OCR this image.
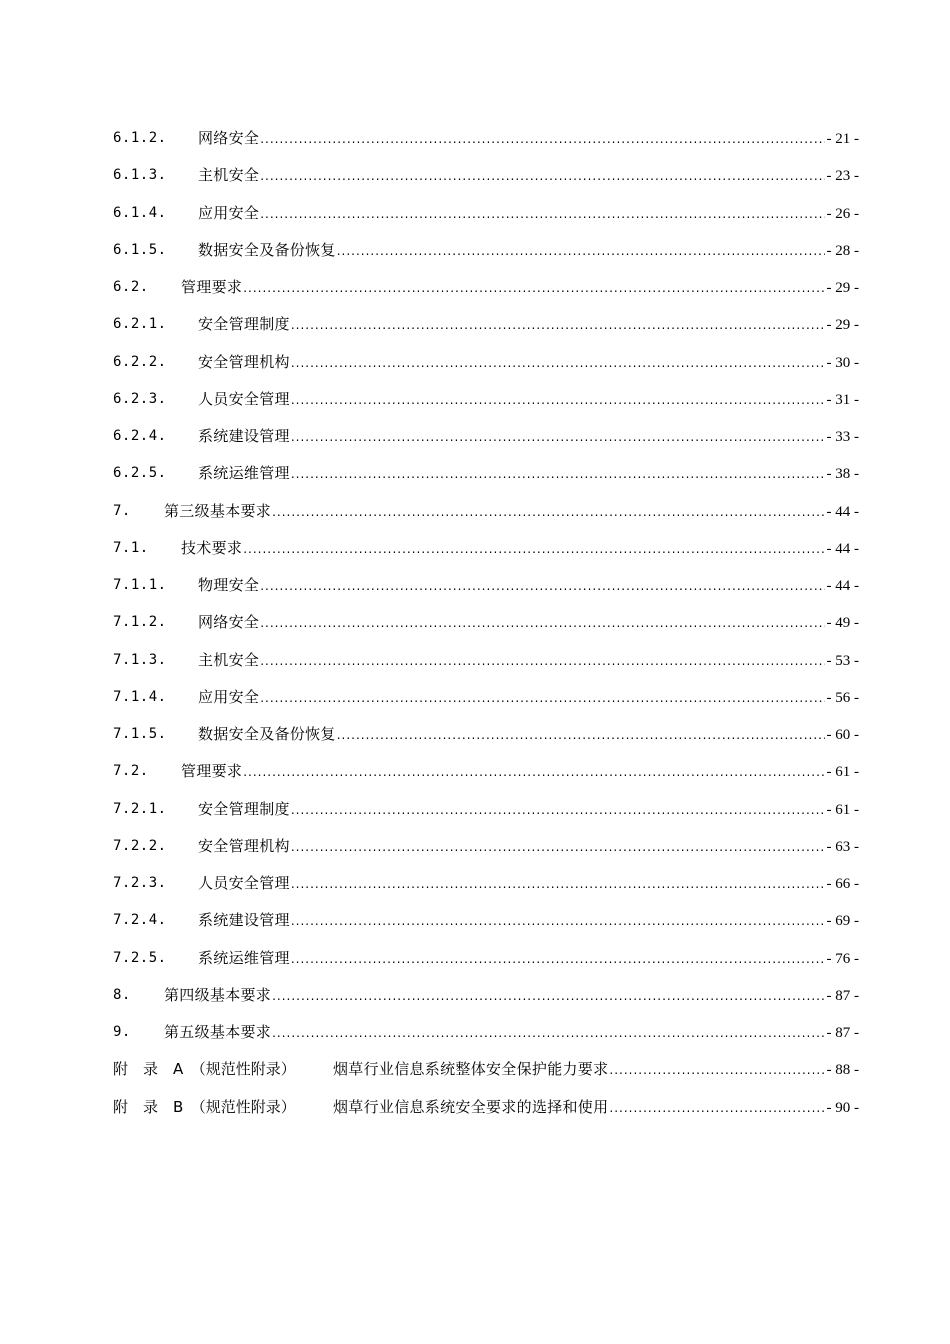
6.1.2. 网络安全 .....	- 21 -
6.1.3. 主机安全 .....	- 23 -
6.1.4. 应用安全 .....	- 26 -
6.1.5. 数据安全及备份恢复 .....	- 28 -
6.2. 管理要求 .....	- 29 -
6.2.1. 安全管理制度 .....	- 29 -
6.2.2. 安全管理机构 .....	- 30 -
6.2.3. 人员安全管理 .....	- 31 -
6.2.4. 系统建设管理 .....	- 33 -
6.2.5. 系统运维管理 .....	- 38 -
7. 第三级基本要求 .....	- 44 -
7.1. 技术要求 .....	- 44 -
7.1.1. 物理安全 .....	- 44 -
7.1.2. 网络安全 .....	- 49 -
7.1.3. 主机安全 .....	- 53 -
7.1.4. 应用安全 .....	- 56 -
7.1.5. 数据安全及备份恢复 .....	- 60 -
7.2. 管理要求 .....	- 61 -
7.2.1. 安全管理制度 .....	- 61 -
7.2.2. 安全管理机构 .....	- 63 -
7.2.3. 人员安全管理 .....	- 66 -
7.2.4. 系统建设管理 .....	- 69 -
7.2.5. 系统运维管理 .....	- 76 -
8. 第四级基本要求 .....	- 87 -
9. 第五级基本要求 .....	- 87 -
附　录　A　（规范性附录） 烟草行业信息系统整体安全保护能力要求 .....	- 88 -
附　录　B　（规范性附录） 烟草行业信息系统安全要求的选择和使用 .....	- 90 -
